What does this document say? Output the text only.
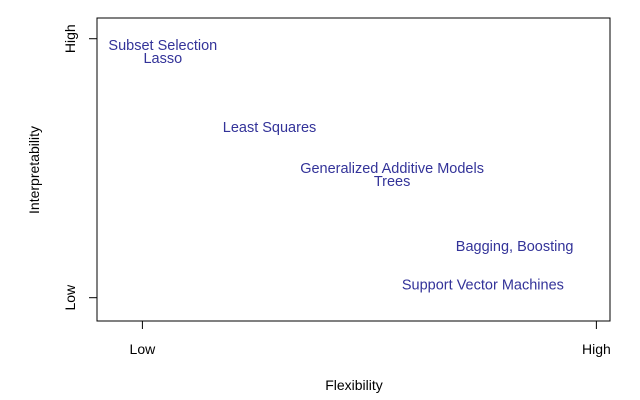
Low	High
Low
High Subset Selection
Lasso
Least Squares
Generalized Additive Models
Trees
Bagging, Boosting
Support Vector Machines
Flexibility
Interpretability
